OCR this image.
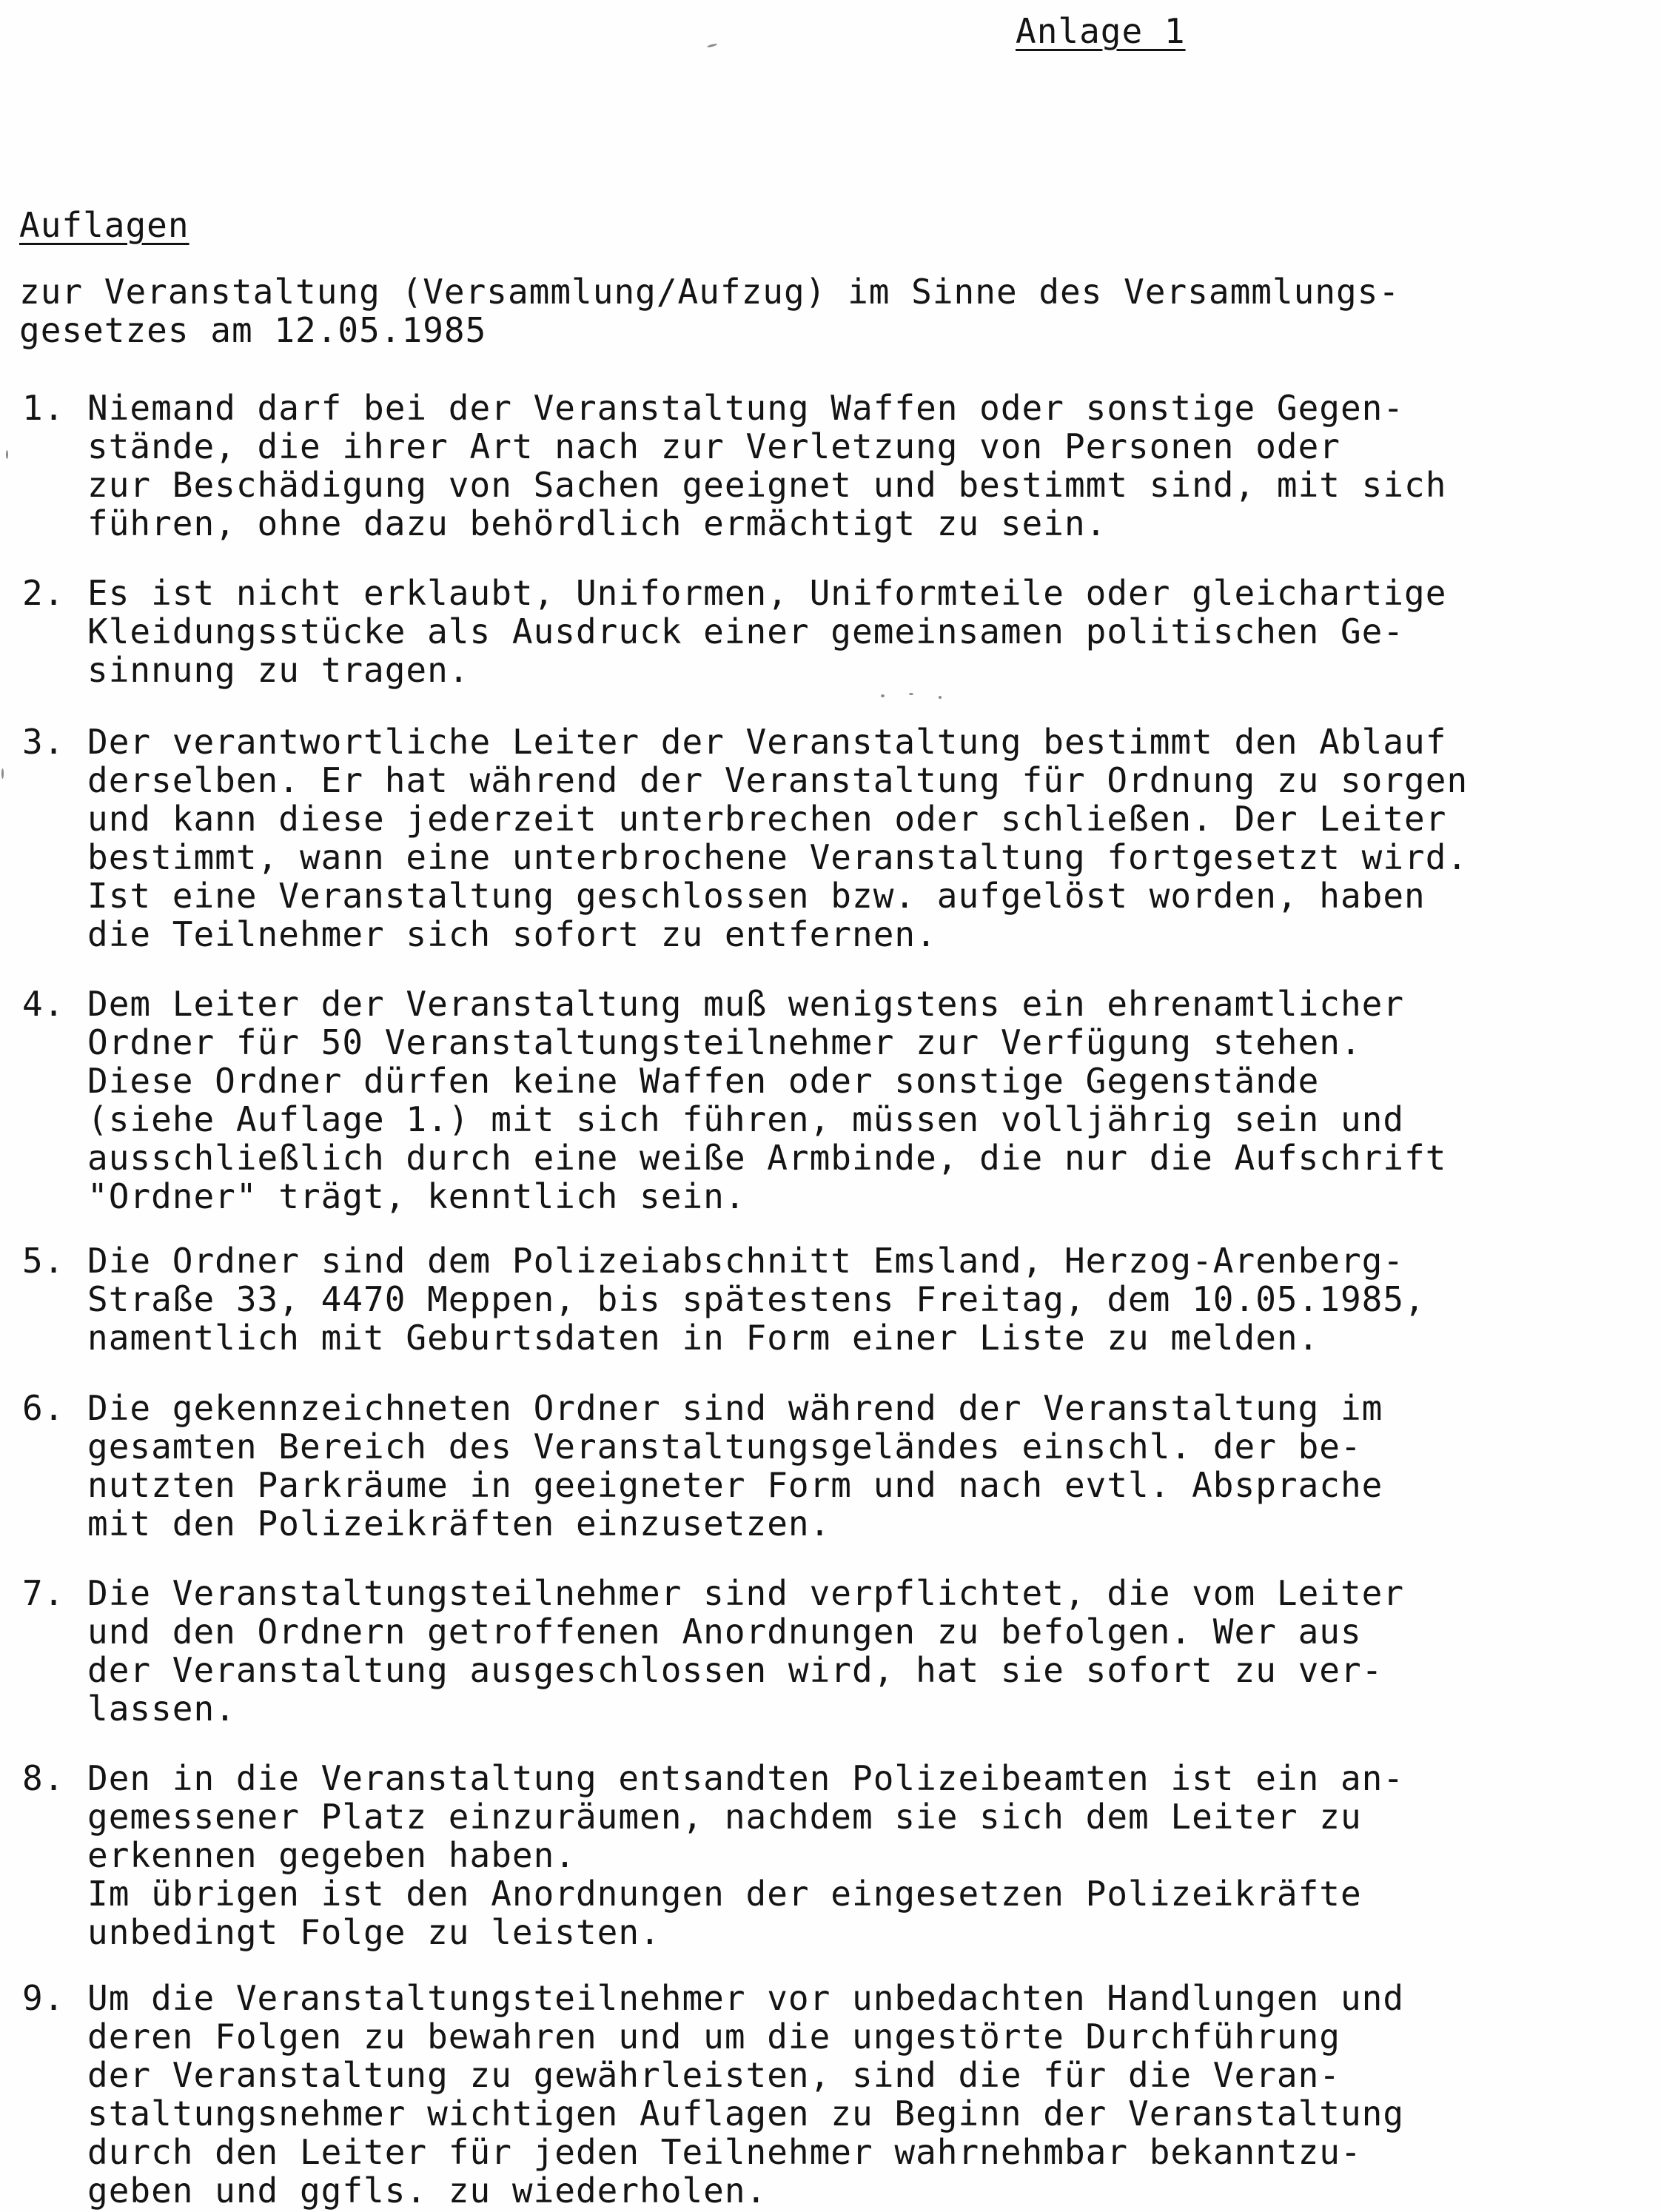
Anlage 1
Auflagen
zur Veranstaltung (Versammlung/Aufzug) im Sinne des Versammlungs-
gesetzes am 12.05.1985
1. Niemand darf bei der Veranstaltung Waffen oder sonstige Gegen-
stände, die ihrer Art nach zur Verletzung von Personen oder
zur Beschädigung von Sachen geeignet und bestimmt sind, mit sich
führen, ohne dazu behördlich ermächtigt zu sein.
2. Es ist nicht erklaubt, Uniformen, Uniformteile oder gleichartige
Kleidungsstücke als Ausdruck einer gemeinsamen politischen Ge-
sinnung zu tragen.
3. Der verantwortliche Leiter der Veranstaltung bestimmt den Ablauf
derselben. Er hat während der Veranstaltung für Ordnung zu sorgen
und kann diese jederzeit unterbrechen oder schließen. Der Leiter
bestimmt, wann eine unterbrochene Veranstaltung fortgesetzt wird.
Ist eine Veranstaltung geschlossen bzw. aufgelöst worden, haben
die Teilnehmer sich sofort zu entfernen.
4. Dem Leiter der Veranstaltung muß wenigstens ein ehrenamtlicher
Ordner für 50 Veranstaltungsteilnehmer zur Verfügung stehen.
Diese Ordner dürfen keine Waffen oder sonstige Gegenstände
(siehe Auflage 1.) mit sich führen, müssen volljährig sein und
ausschließlich durch eine weiße Armbinde, die nur die Aufschrift
"Ordner" trägt, kenntlich sein.
5. Die Ordner sind dem Polizeiabschnitt Emsland, Herzog-Arenberg-
Straße 33, 4470 Meppen, bis spätestens Freitag, dem 10.05.1985,
namentlich mit Geburtsdaten in Form einer Liste zu melden.
6. Die gekennzeichneten Ordner sind während der Veranstaltung im
gesamten Bereich des Veranstaltungsgeländes einschl. der be-
nutzten Parkräume in geeigneter Form und nach evtl. Absprache
mit den Polizeikräften einzusetzen.
7. Die Veranstaltungsteilnehmer sind verpflichtet, die vom Leiter
und den Ordnern getroffenen Anordnungen zu befolgen. Wer aus
der Veranstaltung ausgeschlossen wird, hat sie sofort zu ver-
lassen.
8. Den in die Veranstaltung entsandten Polizeibeamten ist ein an-
gemessener Platz einzuräumen, nachdem sie sich dem Leiter zu
erkennen gegeben haben.
Im übrigen ist den Anordnungen der eingesetzen Polizeikräfte
unbedingt Folge zu leisten.
9. Um die Veranstaltungsteilnehmer vor unbedachten Handlungen und
deren Folgen zu bewahren und um die ungestörte Durchführung
der Veranstaltung zu gewährleisten, sind die für die Veran-
staltungsnehmer wichtigen Auflagen zu Beginn der Veranstaltung
durch den Leiter für jeden Teilnehmer wahrnehmbar bekanntzu-
geben und ggfls. zu wiederholen.
